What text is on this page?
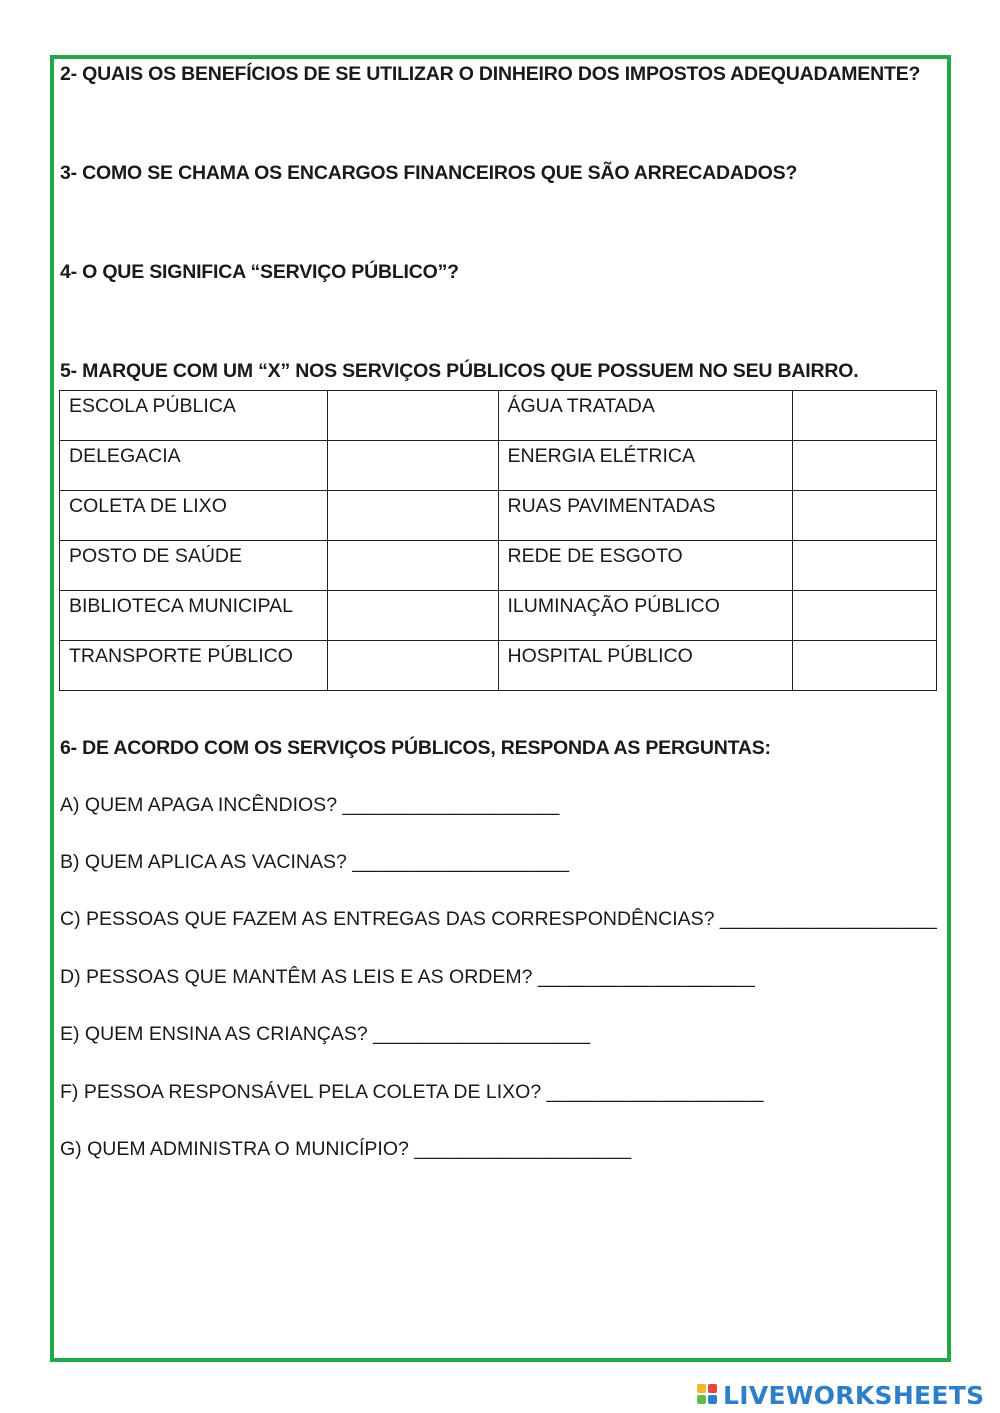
2- QUAIS OS BENEFÍCIOS DE SE UTILIZAR O DINHEIRO DOS IMPOSTOS ADEQUADAMENTE?
3- COMO SE CHAMA OS ENCARGOS FINANCEIROS QUE SÃO ARRECADADOS?
4- O QUE SIGNIFICA “SERVIÇO PÚBLICO”?
5- MARQUE COM UM “X” NOS SERVIÇOS PÚBLICOS QUE POSSUEM NO SEU BAIRRO.
ESCOLA PÚBLICA		ÁGUA TRATADA	
DELEGACIA		ENERGIA ELÉTRICA	
COLETA DE LIXO		RUAS PAVIMENTADAS	
POSTO DE SAÚDE		REDE DE ESGOTO	
BIBLIOTECA MUNICIPAL		ILUMINAÇÃO PÚBLICO	
TRANSPORTE PÚBLICO		HOSPITAL PÚBLICO	
6- DE ACORDO COM OS SERVIÇOS PÚBLICOS, RESPONDA AS PERGUNTAS:
A) QUEM APAGA INCÊNDIOS? ____________________
B) QUEM APLICA AS VACINAS? ____________________
C) PESSOAS QUE FAZEM AS ENTREGAS DAS CORRESPONDÊNCIAS? ____________________
D) PESSOAS QUE MANTÊM AS LEIS E AS ORDEM? ____________________
E) QUEM ENSINA AS CRIANÇAS? ____________________
F) PESSOA RESPONSÁVEL PELA COLETA DE LIXO? ____________________
G) QUEM ADMINISTRA O MUNICÍPIO? ____________________
LIVEWORKSHEETS
